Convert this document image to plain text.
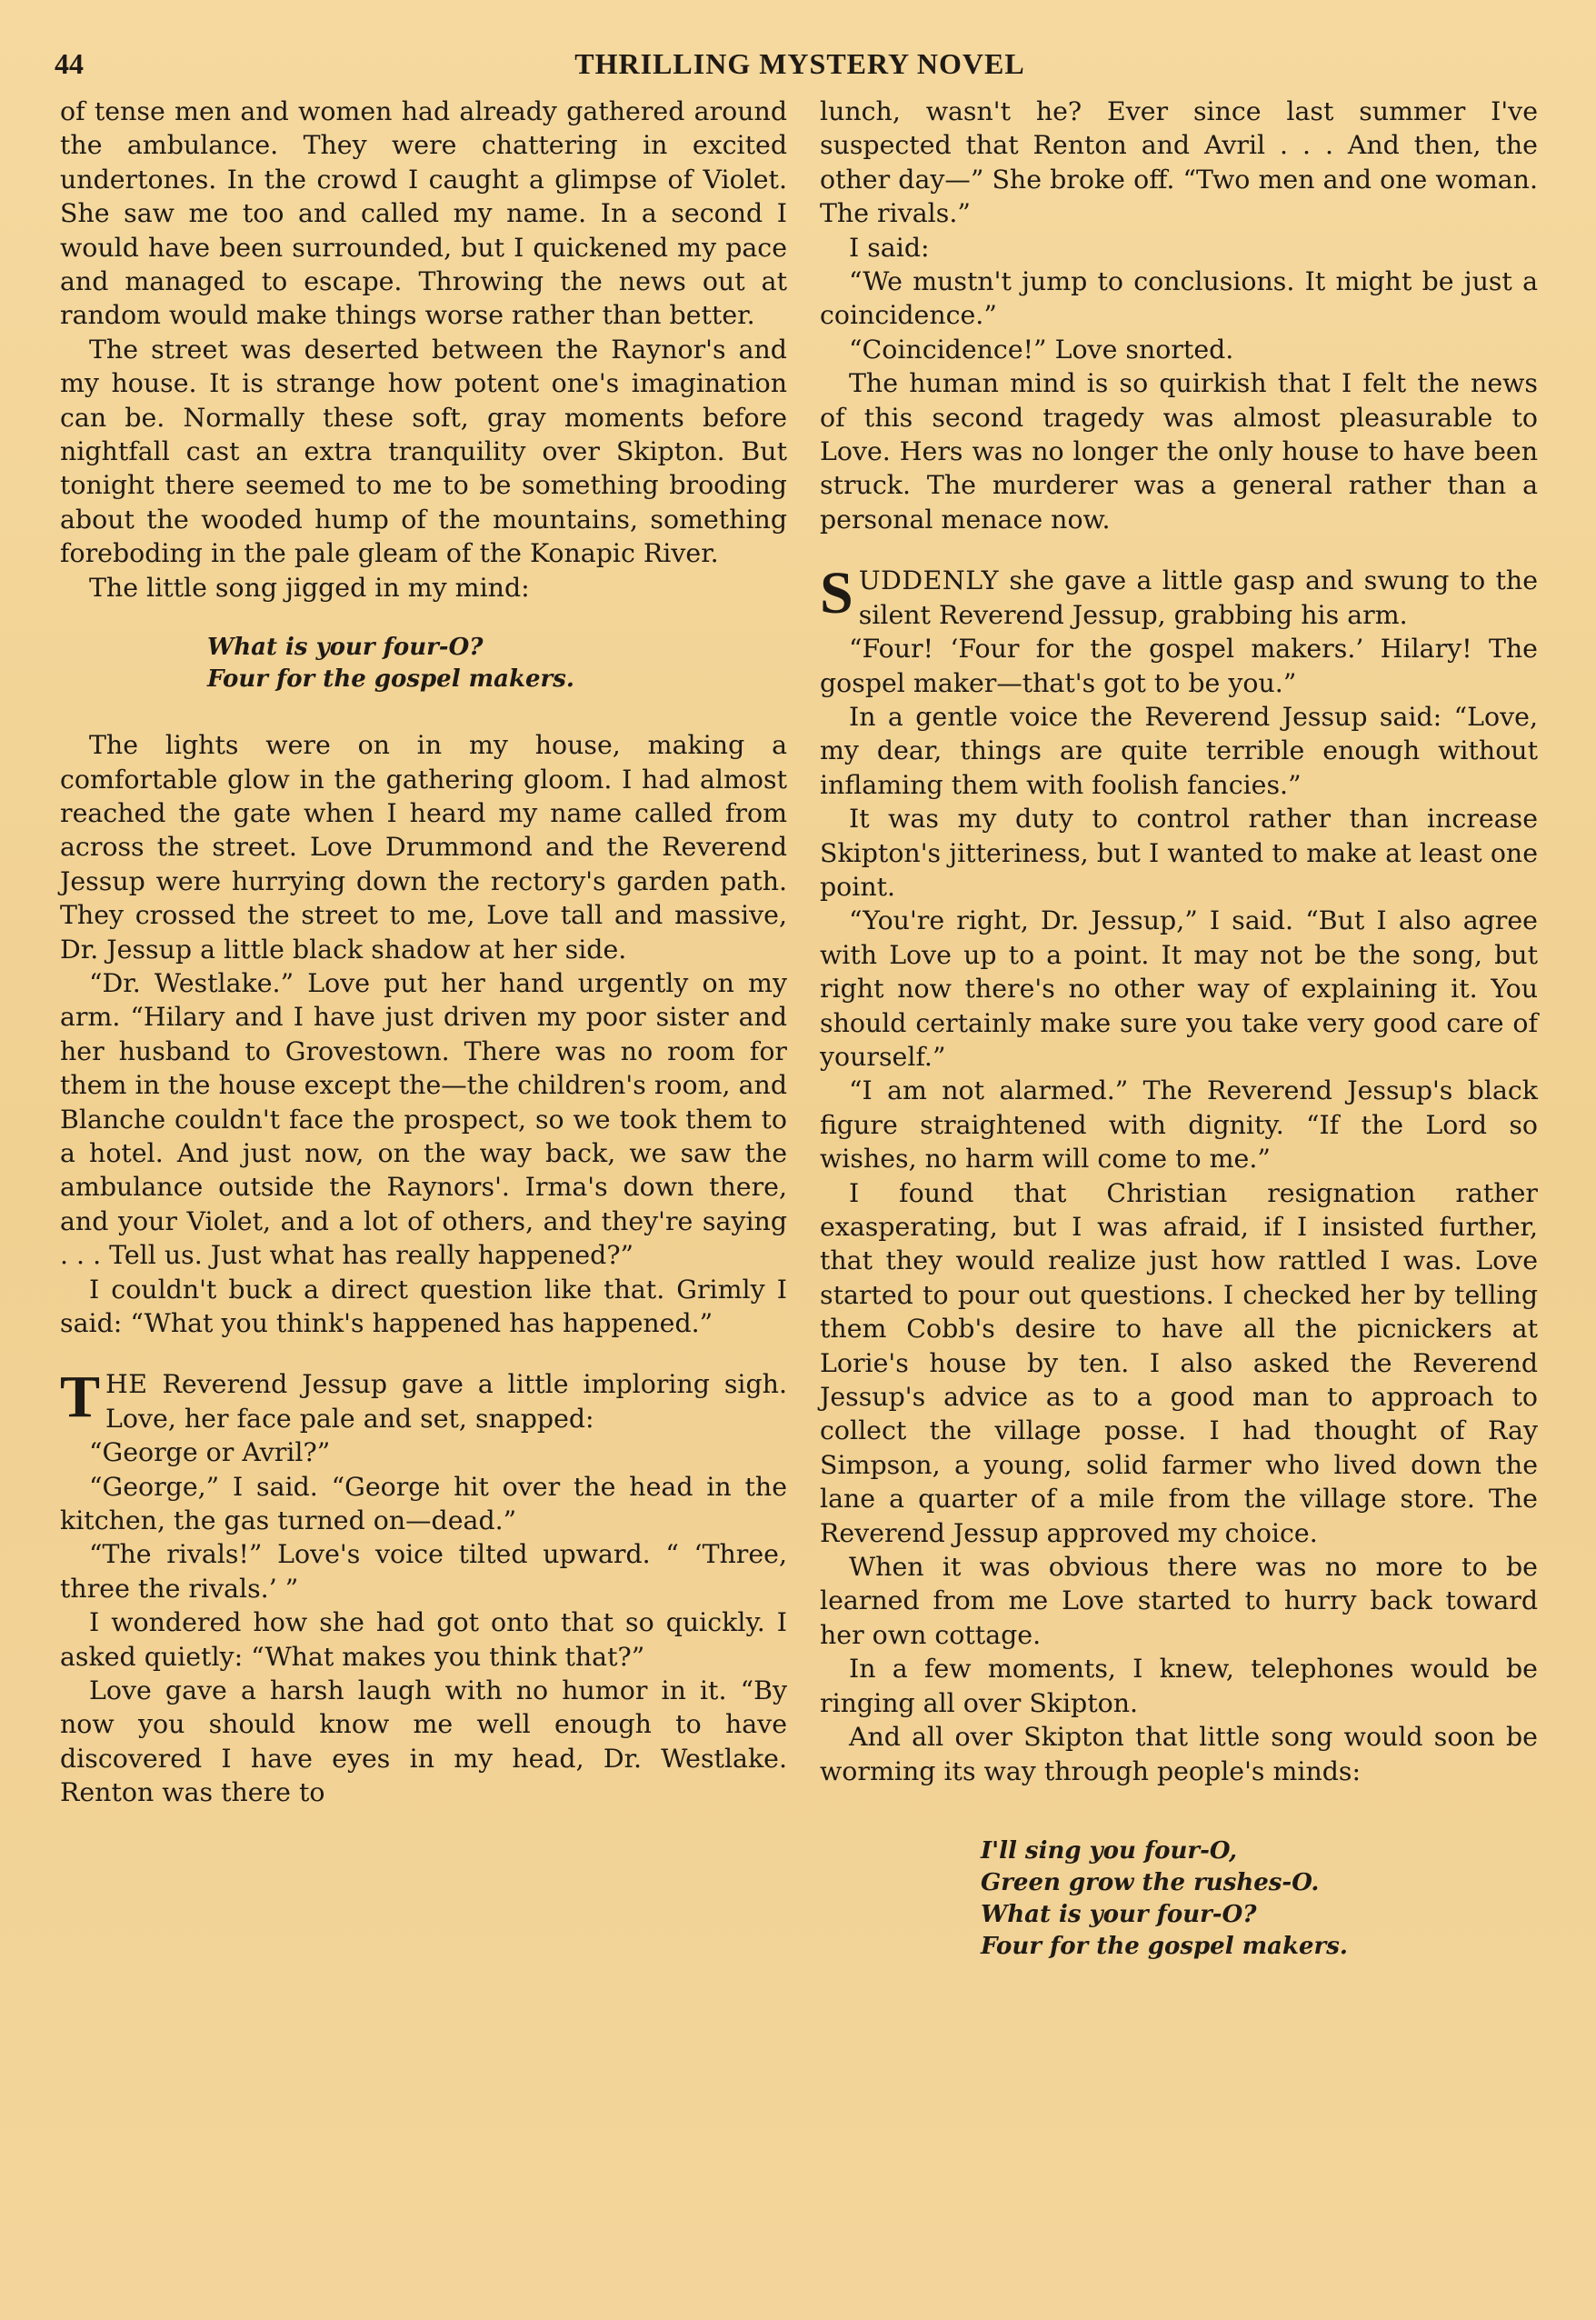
44	THRILLING MYSTERY NOVEL

of tense men and women had already gathered around the ambulance. They were chattering in excited undertones. In the crowd I caught a glimpse of Violet. She saw me too and called my name. In a second I would have been surrounded, but I quickened my pace and managed to escape. Throwing the news out at random would make things worse rather than better.

The street was deserted between the Raynor's and my house. It is strange how potent one's imagination can be. Normally these soft, gray moments before nightfall cast an extra tranquility over Skipton. But tonight there seemed to me to be something brooding about the wooded hump of the mountains, something foreboding in the pale gleam of the Konapic River.

The little song jigged in my mind:

What is your four-O?
Four for the gospel makers.

The lights were on in my house, making a comfortable glow in the gathering gloom. I had almost reached the gate when I heard my name called from across the street. Love Drummond and the Reverend Jessup were hurrying down the rectory's garden path. They crossed the street to me, Love tall and massive, Dr. Jessup a little black shadow at her side.

“Dr. Westlake.” Love put her hand urgently on my arm. “Hilary and I have just driven my poor sister and her husband to Grovestown. There was no room for them in the house except the—the children's room, and Blanche couldn't face the prospect, so we took them to a hotel. And just now, on the way back, we saw the ambulance outside the Raynors'. Irma's down there, and your Violet, and a lot of others, and they're saying . . . Tell us. Just what has really happened?”

I couldn't buck a direct question like that. Grimly I said: “What you think's happened has happened.”

THE Reverend Jessup gave a little imploring sigh. Love, her face pale and set, snapped:

“George or Avril?”

“George,” I said. “George hit over the head in the kitchen, the gas turned on—dead.”

“The rivals!” Love's voice tilted upward. “ ‘Three, three the rivals.’ ”

I wondered how she had got onto that so quickly. I asked quietly: “What makes you think that?”

Love gave a harsh laugh with no humor in it. “By now you should know me well enough to have discovered I have eyes in my head, Dr. Westlake. Renton was there to

lunch, wasn't he? Ever since last summer I've suspected that Renton and Avril . . . And then, the other day—” She broke off. “Two men and one woman. The rivals.”

I said:

“We mustn't jump to conclusions. It might be just a coincidence.”

“Coincidence!” Love snorted.

The human mind is so quirkish that I felt the news of this second tragedy was almost pleasurable to Love. Hers was no longer the only house to have been struck. The murderer was a general rather than a personal menace now.

SUDDENLY she gave a little gasp and swung to the silent Reverend Jessup, grabbing his arm.

“Four! ‘Four for the gospel makers.’ Hilary! The gospel maker—that's got to be you.”

In a gentle voice the Reverend Jessup said: “Love, my dear, things are quite terrible enough without inflaming them with foolish fancies.”

It was my duty to control rather than increase Skipton's jitteriness, but I wanted to make at least one point.

“You're right, Dr. Jessup,” I said. “But I also agree with Love up to a point. It may not be the song, but right now there's no other way of explaining it. You should certainly make sure you take very good care of yourself.”

“I am not alarmed.” The Reverend Jessup's black figure straightened with dignity. “If the Lord so wishes, no harm will come to me.”

I found that Christian resignation rather exasperating, but I was afraid, if I insisted further, that they would realize just how rattled I was. Love started to pour out questions. I checked her by telling them Cobb's desire to have all the picnickers at Lorie's house by ten. I also asked the Reverend Jessup's advice as to a good man to approach to collect the village posse. I had thought of Ray Simpson, a young, solid farmer who lived down the lane a quarter of a mile from the village store. The Reverend Jessup approved my choice.

When it was obvious there was no more to be learned from me Love started to hurry back toward her own cottage.

In a few moments, I knew, telephones would be ringing all over Skipton.

And all over Skipton that little song would soon be worming its way through people's minds:

I'll sing you four-O,
Green grow the rushes-O.
What is your four-O?
Four for the gospel makers.
